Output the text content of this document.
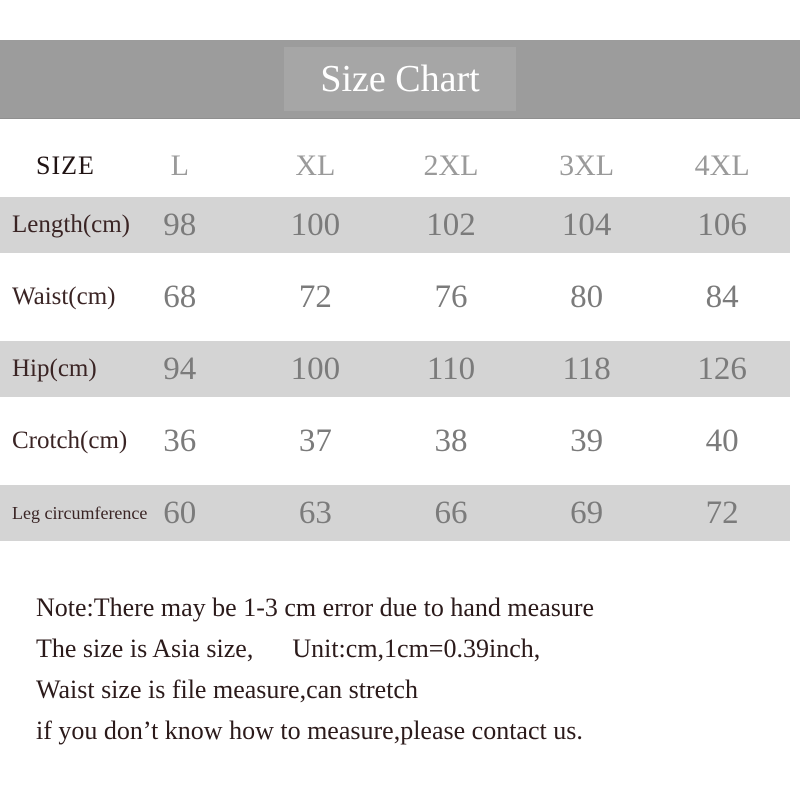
Size Chart
SIZE	L	XL	2XL	3XL	4XL
Length(cm)	98	100	102	104	106
Waist(cm)	68	72	76	80	84
Hip(cm)	94	100	110	118	126
Crotch(cm)	36	37	38	39	40
Leg circumference 60	63	66	69	72
Note:There may be 1-3 cm error due to hand measure
The size is Asia size,      Unit:cm,1cm=0.39inch,
Waist size is file measure,can stretch
if you don’t know how to measure,please contact us.
